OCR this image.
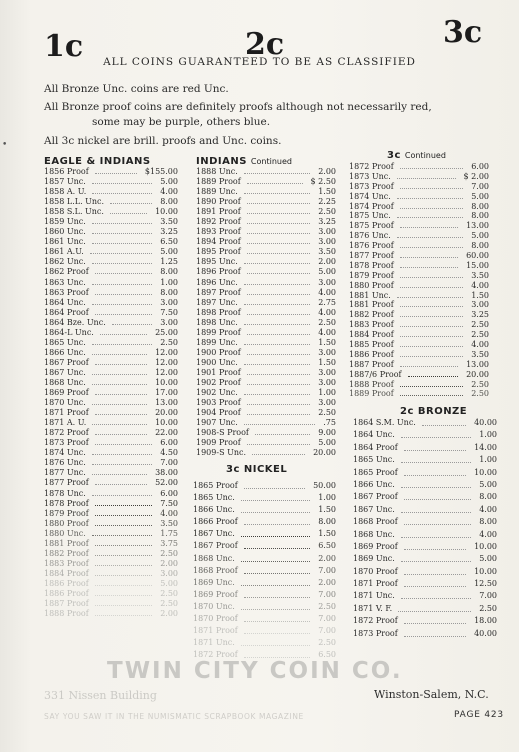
1c	2c	3c
ALL COINS GUARANTEED TO BE AS CLASSIFIED
All Bronze Unc. coins are red Unc.
All Bronze proof coins are definitely proofs although not necessarily red,
some may be purple, others blue.
All 3c nickel are brill. proofs and Unc. coins.
•
EAGLE & INDIANS	INDIANS Continued
3c Continued
3c NICKEL
2c BRONZE
1856 Proof	$155.00
1857 Unc.	5.00
1858 A. U.	4.00
1858 L.L. Unc.	8.00
1858 S.L. Unc.	10.00
1859 Unc.	3.50
1860 Unc.	3.25
1861 Unc.	6.50
1861 A.U.	5.00
1862 Unc.	1.25
1862 Proof	8.00
1863 Unc.	1.00
1863 Proof	8.00
1864 Unc.	3.00
1864 Proof	7.50
1864 Bze. Unc.	3.00
1864-L Unc.	25.00
1865 Unc.	2.50
1866 Unc.	12.00
1867 Proof	12.00
1867 Unc.	12.00
1868 Unc.	10.00
1869 Proof	17.00
1870 Unc.	13.00
1871 Proof	20.00
1871 A. U.	10.00
1872 Proof	22.00
1873 Proof	6.00
1874 Unc.	4.50
1876 Unc.	7.00
1877 Unc.	38.00
1877 Proof	52.00
1878 Unc.	6.00
1878 Proof	7.50
1879 Proof	4.00
1880 Proof	3.50
1880 Unc.	1.75
1881 Proof	3.75
1882 Proof	2.50
1883 Proof	2.00
1884 Proof	3.00
1886 Proof	5.00
1886 Proof	2.50
1887 Proof	2.50
1888 Proof	2.00
1888 Unc.	2.00
1889 Proof	$ 2.50
1889 Unc.	1.50
1890 Proof	2.25
1891 Proof	2.50
1892 Proof	3.25
1893 Proof	3.00
1894 Proof	3.00
1895 Proof	3.50
1895 Unc.	2.00
1896 Proof	5.00
1896 Unc.	3.00
1897 Proof	4.00
1897 Unc.	2.75
1898 Proof	4.00
1898 Unc.	2.50
1899 Proof	4.00
1899 Unc.	1.50
1900 Proof	3.00
1900 Unc.	1.50
1901 Proof	3.00
1902 Proof	3.00
1902 Unc.	1.00
1903 Proof	3.00
1904 Proof	2.50
1907 Unc.	.75
1908-S Proof	9.00
1909 Proof	5.00
1909-S Unc.	20.00
1865 Proof	50.00
1865 Unc.	1.00
1866 Unc.	1.50
1866 Proof	8.00
1867 Unc.	1.50
1867 Proof	6.50
1868 Unc.	2.00
1868 Proof	7.00
1869 Unc.	2.00
1869 Proof	7.00
1870 Unc.	2.50
1870 Proof	7.00
1871 Proof	7.00
1871 Unc.	2.50
1872 Proof	6.50
1872 Proof	6.00
1873 Unc.	$ 2.00
1873 Proof	7.00
1874 Unc.	5.00
1874 Proof	8.00
1875 Unc.	8.00
1875 Proof	13.00
1876 Unc.	5.00
1876 Proof	8.00
1877 Proof	60.00
1878 Proof	15.00
1879 Proof	3.50
1880 Proof	4.00
1881 Unc.	1.50
1881 Proof	3.00
1882 Proof	3.25
1883 Proof	2.50
1884 Proof	2.50
1885 Proof	4.00
1886 Proof	3.50
1887 Proof	13.00
1887/6 Proof	20.00
1888 Proof	2.50
1889 Proof	2.50
1864 S.M. Unc.	40.00
1864 Unc.	1.00
1864 Proof	14.00
1865 Unc.	1.00
1865 Proof	10.00
1866 Unc.	5.00
1867 Proof	8.00
1867 Unc.	4.00
1868 Proof	8.00
1868 Unc.	4.00
1869 Proof	10.00
1869 Unc.	5.00
1870 Proof	10.00
1871 Proof	12.50
1871 Unc.	7.00
1871 V. F.	2.50
1872 Proof	18.00
1873 Proof	40.00
TWIN CITY COIN CO.
331 Nissen Building	Winston-Salem, N.C.
SAY YOU SAW IT IN THE NUMISMATIC SCRAPBOOK MAGAZINE	PAGE 423
